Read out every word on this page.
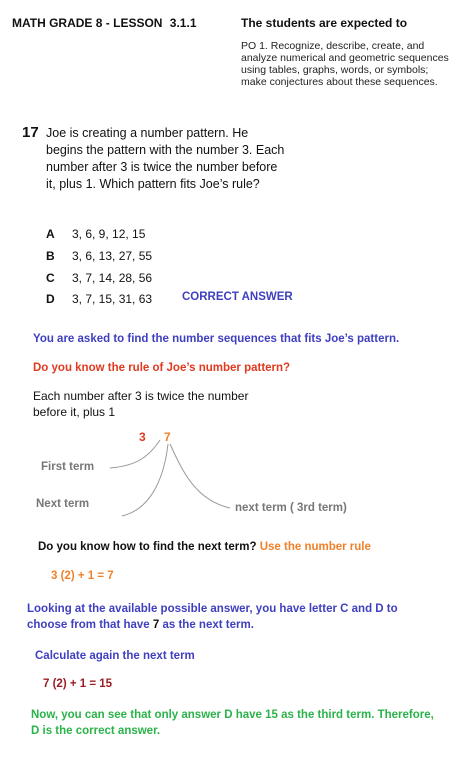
MATH GRADE 8 - LESSON 3.1.1	The students are expected to
PO 1. Recognize, describe, create, and analyze numerical and geometric sequences using tables, graphs, words, or symbols; make conjectures about these sequences.
17 Joe is creating a number pattern. He begins the pattern with the number 3. Each number after 3 is twice the number before it, plus 1. Which pattern fits Joe’s rule?
A 3, 6, 9, 12, 15
B 3, 6, 13, 27, 55
C 3, 7, 14, 28, 56
D 3, 7, 15, 31, 63	CORRECT ANSWER
You are asked to find the number sequences that fits Joe’s pattern.
Do you know the rule of Joe’s number pattern?
Each number after 3 is twice the number before it, plus 1
3 7
First term
Next term	next term ( 3rd term)
Do you know how to find the next term? Use the number rule
3 (2) + 1 = 7
Looking at the available possible answer, you have letter C and D to choose from that have 7 as the next term.
Calculate again the next term
7 (2) + 1 = 15
Now, you can see that only answer D have 15 as the third term. Therefore, D is the correct answer.
